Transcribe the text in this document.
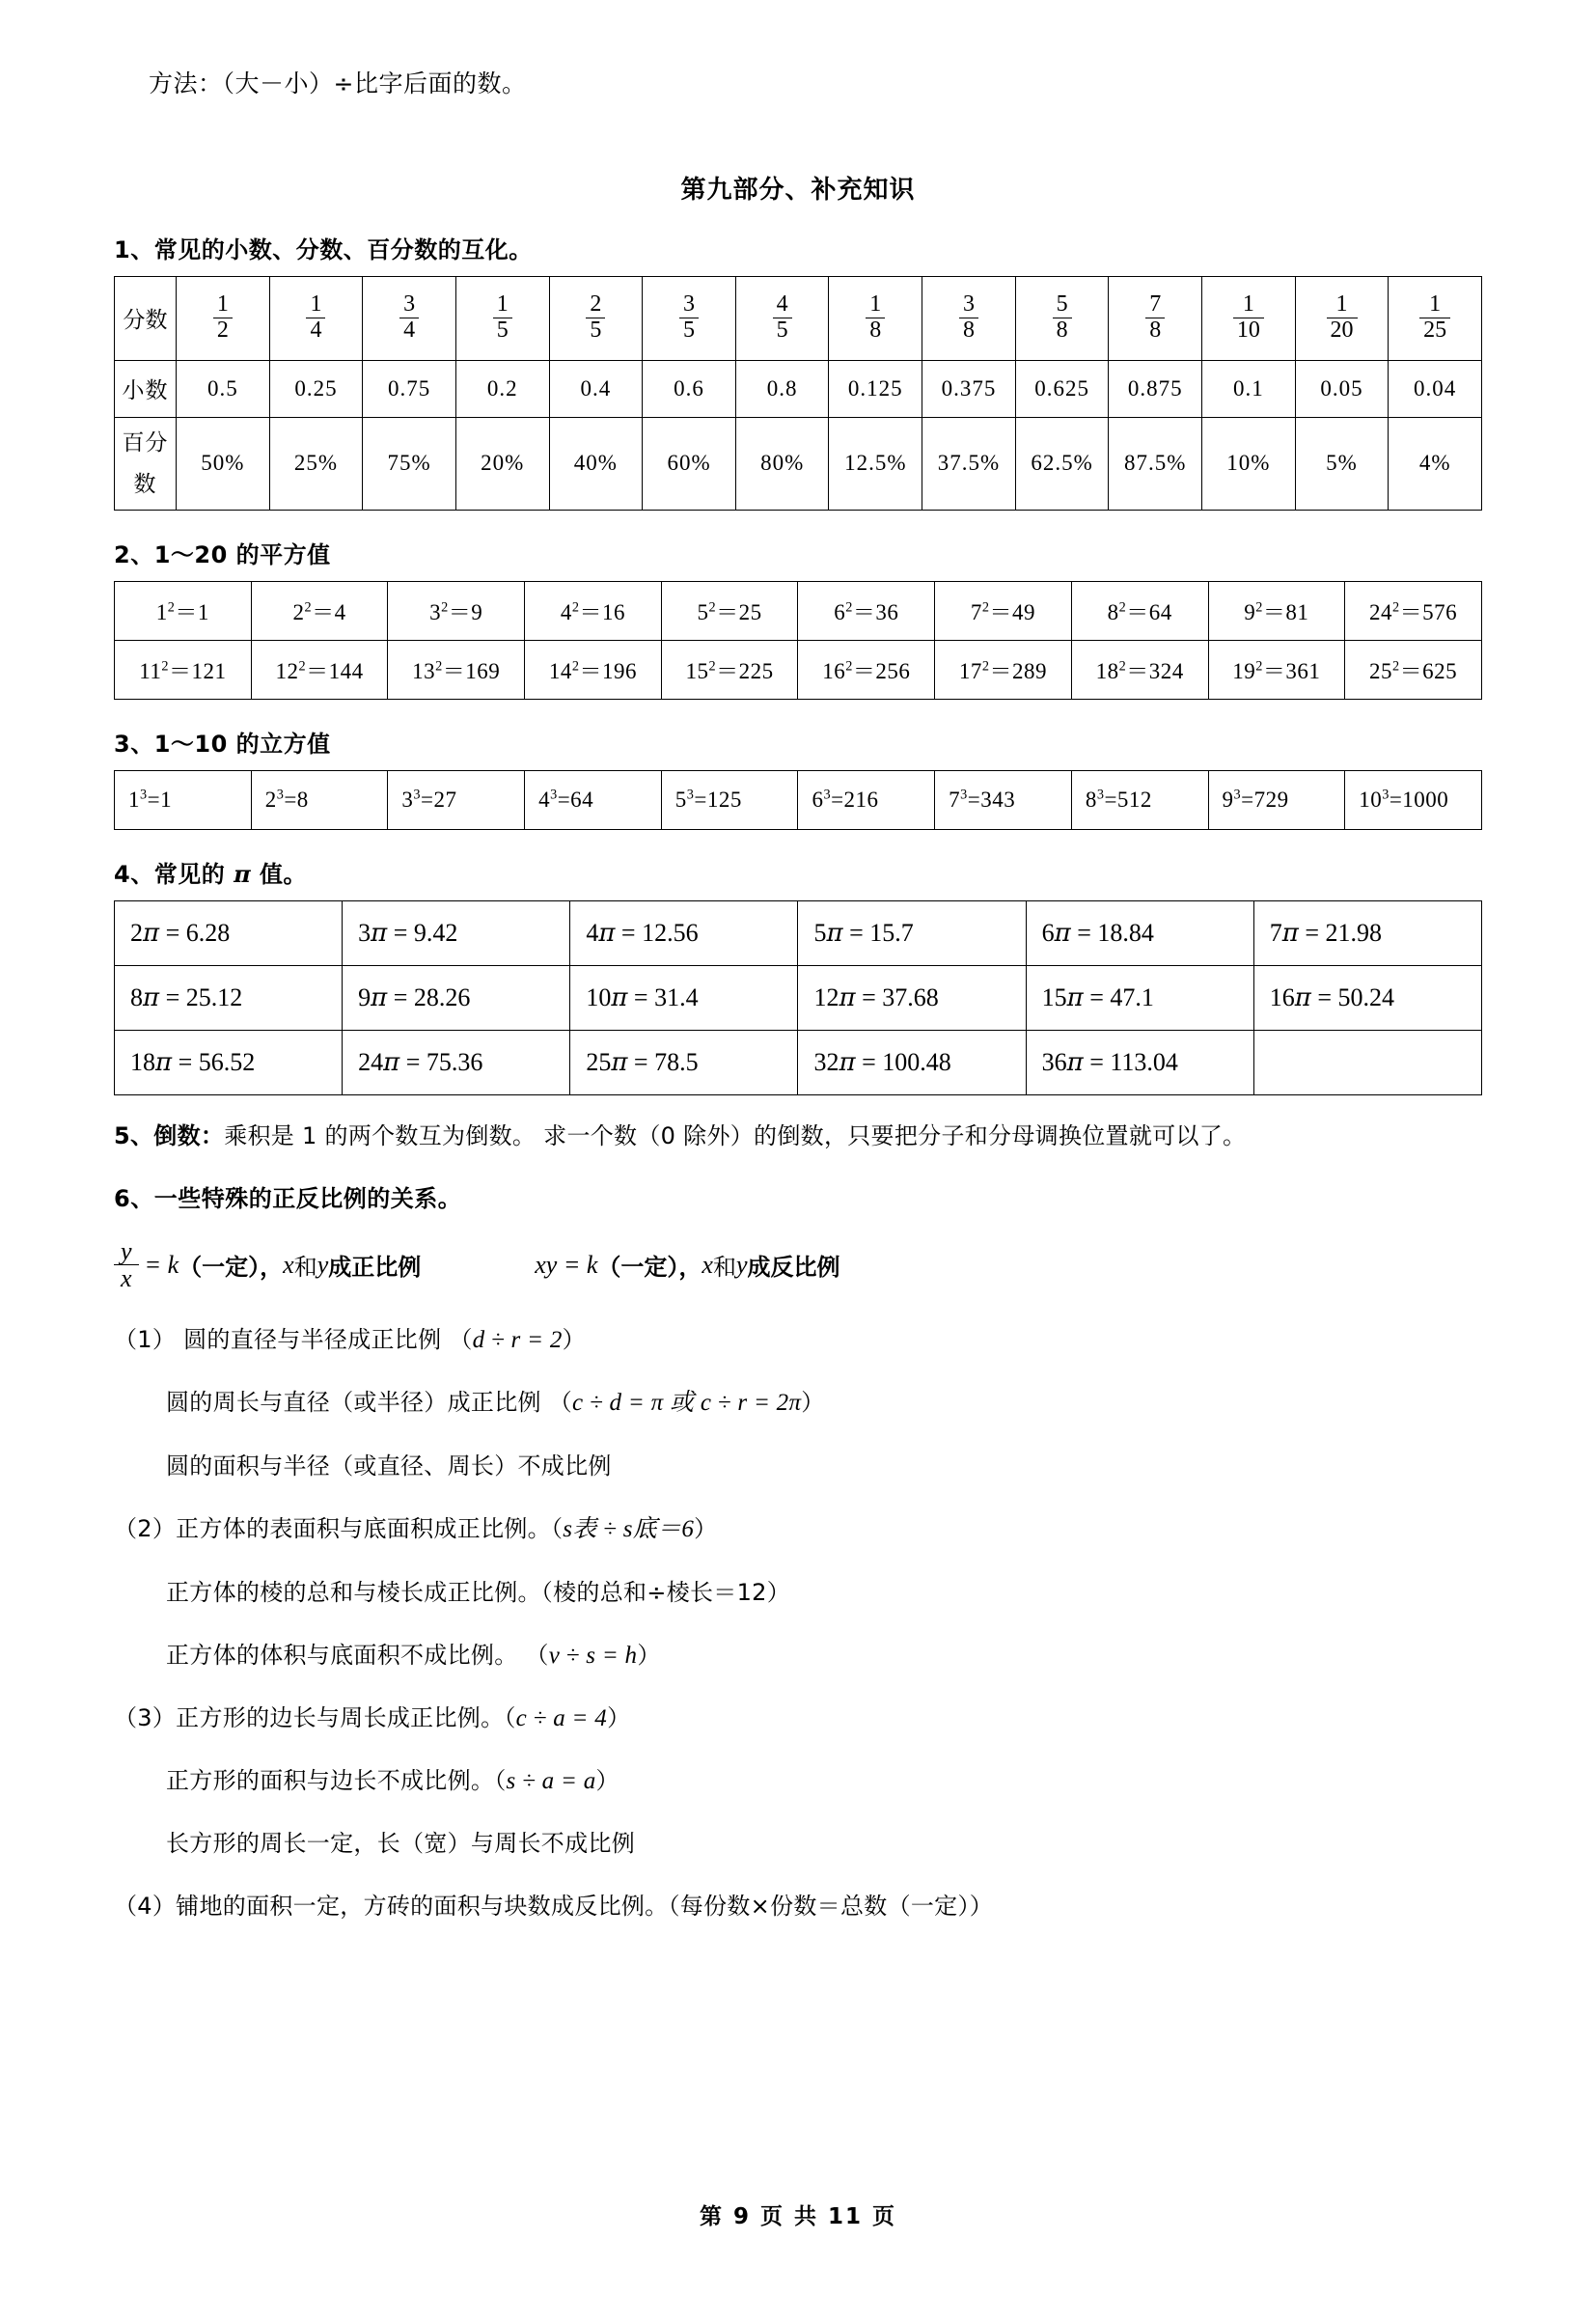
方法：（大－小）÷比字后面的数。
第九部分、补充知识
1、常见的小数、分数、百分数的互化。
分数	$\frac{1}{2}$	$\frac{1}{4}$	$\frac{3}{4}$	$\frac{1}{5}$	$\frac{2}{5}$	$\frac{3}{5}$	$\frac{4}{5}$	$\frac{1}{8}$	$\frac{3}{8}$	$\frac{5}{8}$	$\frac{7}{8}$	$\frac{1}{10}$	$\frac{1}{20}$	$\frac{1}{25}$

小数	0.5	0.25	0.75	0.2	0.4	0.6	0.8	0.125	0.375	0.625	0.875	0.1	0.05	0.04
百分数	50%	25%	75%	20%	40%	60%	80%	12.5%	37.5%	62.5%	87.5%	10%	5%	4%
2、1～20 的平方值
$1^2=1$	$2^2=4$	$3^2=9$	$4^2=16$	$5^2=25$	$6^2=36$	$7^2=49$	$8^2=64$	$9^2=81$	$24^2=576$
$11^2=121$	$12^2=144$	$13^2=169$	$14^2=196$	$15^2=225$	$16^2=256$	$17^2=289$	$18^2=324$	$19^2=361$	$25^2=625$
3、1～10 的立方值
$1^3=1$	$2^3=8$	$3^3=27$	$4^3=64$	$5^3=125$	$6^3=216$	$7^3=343$	$8^3=512$	$9^3=729$	$10^3=1000$
4、常见的 π 值。
2π = 6.28	3π = 9.42	4π = 12.56	5π = 15.7	6π = 18.84	7π = 21.98
8π = 25.12	9π = 28.26	10π = 31.4	12π = 37.68	15π = 47.1	16π = 50.24
18π = 56.52	24π = 75.36	25π = 78.5	32π = 100.48	36π = 113.04	
5、倒数：乘积是 1 的两个数互为倒数。 求一个数（0 除外）的倒数，只要把分子和分母调换位置就可以了。
6、一些特殊的正反比例的关系。
$\frac{y}{x} = k$ （一定）， x 和 y 成正比例	xy = k （一定）， x 和 y 成反比例
（1） 圆的直径与半径成正比例 （d ÷ r = 2）
圆的周长与直径（或半径）成正比例 （c ÷ d = π 或 c ÷ r = 2π）
圆的面积与半径（或直径、周长）不成比例
（2）正方体的表面积与底面积成正比例。（s表 ÷ s底＝6）
正方体的棱的总和与棱长成正比例。（棱的总和÷棱长＝12）
正方体的体积与底面积不成比例。 （v ÷ s = h）
（3）正方形的边长与周长成正比例。（c ÷ a = 4）
正方形的面积与边长不成比例。（s ÷ a = a）
长方形的周长一定，长（宽）与周长不成比例
（4）铺地的面积一定，方砖的面积与块数成反比例。（每份数×份数＝总数（一定））
第 9 页 共 11 页
